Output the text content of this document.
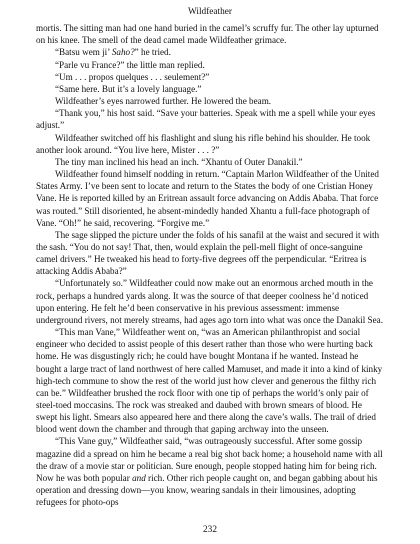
Wildfeather

mortis. The sitting man had one hand buried in the camel’s scruffy fur. The other lay upturned on his knee. The smell of the dead camel made Wildfeather grimace.

“Batsu wem ji’ Saho?” he tried.

“Parle vu France?” the little man replied.

“Um . . . propos quelques . . . seulement?”

“Same here. But it’s a lovely language.”

Wildfeather’s eyes narrowed further. He lowered the beam.

“Thank you,” his host said. “Save your batteries. Speak with me a spell while your eyes adjust.”

Wildfeather switched off his flashlight and slung his rifle behind his shoulder. He took another look around. “You live here, Mister . . . ?”

The tiny man inclined his head an inch. “Xhantu of Outer Danakil.”

Wildfeather found himself nodding in return. “Captain Marlon Wildfeather of the United States Army. I’ve been sent to locate and return to the States the body of one Cristian Honey Vane. He is reported killed by an Eritrean assault force advancing on Addis Ababa. That force was routed.” Still disoriented, he absent-mindedly handed Xhantu a full-face photograph of Vane. “Oh!” he said, recovering. “Forgive me.”

The sage slipped the picture under the folds of his sanafil at the waist and secured it with the sash. “You do not say! That, then, would explain the pell-mell flight of once-sanguine camel drivers.” He tweaked his head to forty-five degrees off the perpendicular. “Eritrea is attacking Addis Ababa?”

“Unfortunately so.” Wildfeather could now make out an enormous arched mouth in the rock, perhaps a hundred yards along. It was the source of that deeper coolness he’d noticed upon entering. He felt he’d been conservative in his previous assessment: immense underground rivers, not merely streams, had ages ago torn into what was once the Danakil Sea.

“This man Vane,” Wildfeather went on, “was an American philanthropist and social engineer who decided to assist people of this desert rather than those who were hurting back home. He was disgustingly rich; he could have bought Montana if he wanted. Instead he bought a large tract of land northwest of here called Mamuset, and made it into a kind of kinky high-tech commune to show the rest of the world just how clever and generous the filthy rich can be.” Wildfeather brushed the rock floor with one tip of perhaps the world’s only pair of steel-toed moccasins. The rock was streaked and daubed with brown smears of blood. He swept his light. Smears also appeared here and there along the cave’s walls. The trail of dried blood went down the chamber and through that gaping archway into the unseen.

“This Vane guy,” Wildfeather said, “was outrageously successful. After some gossip magazine did a spread on him he became a real big shot back home; a household name with all the draw of a movie star or politician. Sure enough, people stopped hating him for being rich. Now he was both popular and rich. Other rich people caught on, and began gabbing about his operation and dressing down—you know, wearing sandals in their limousines, adopting refugees for photo-ops

232
